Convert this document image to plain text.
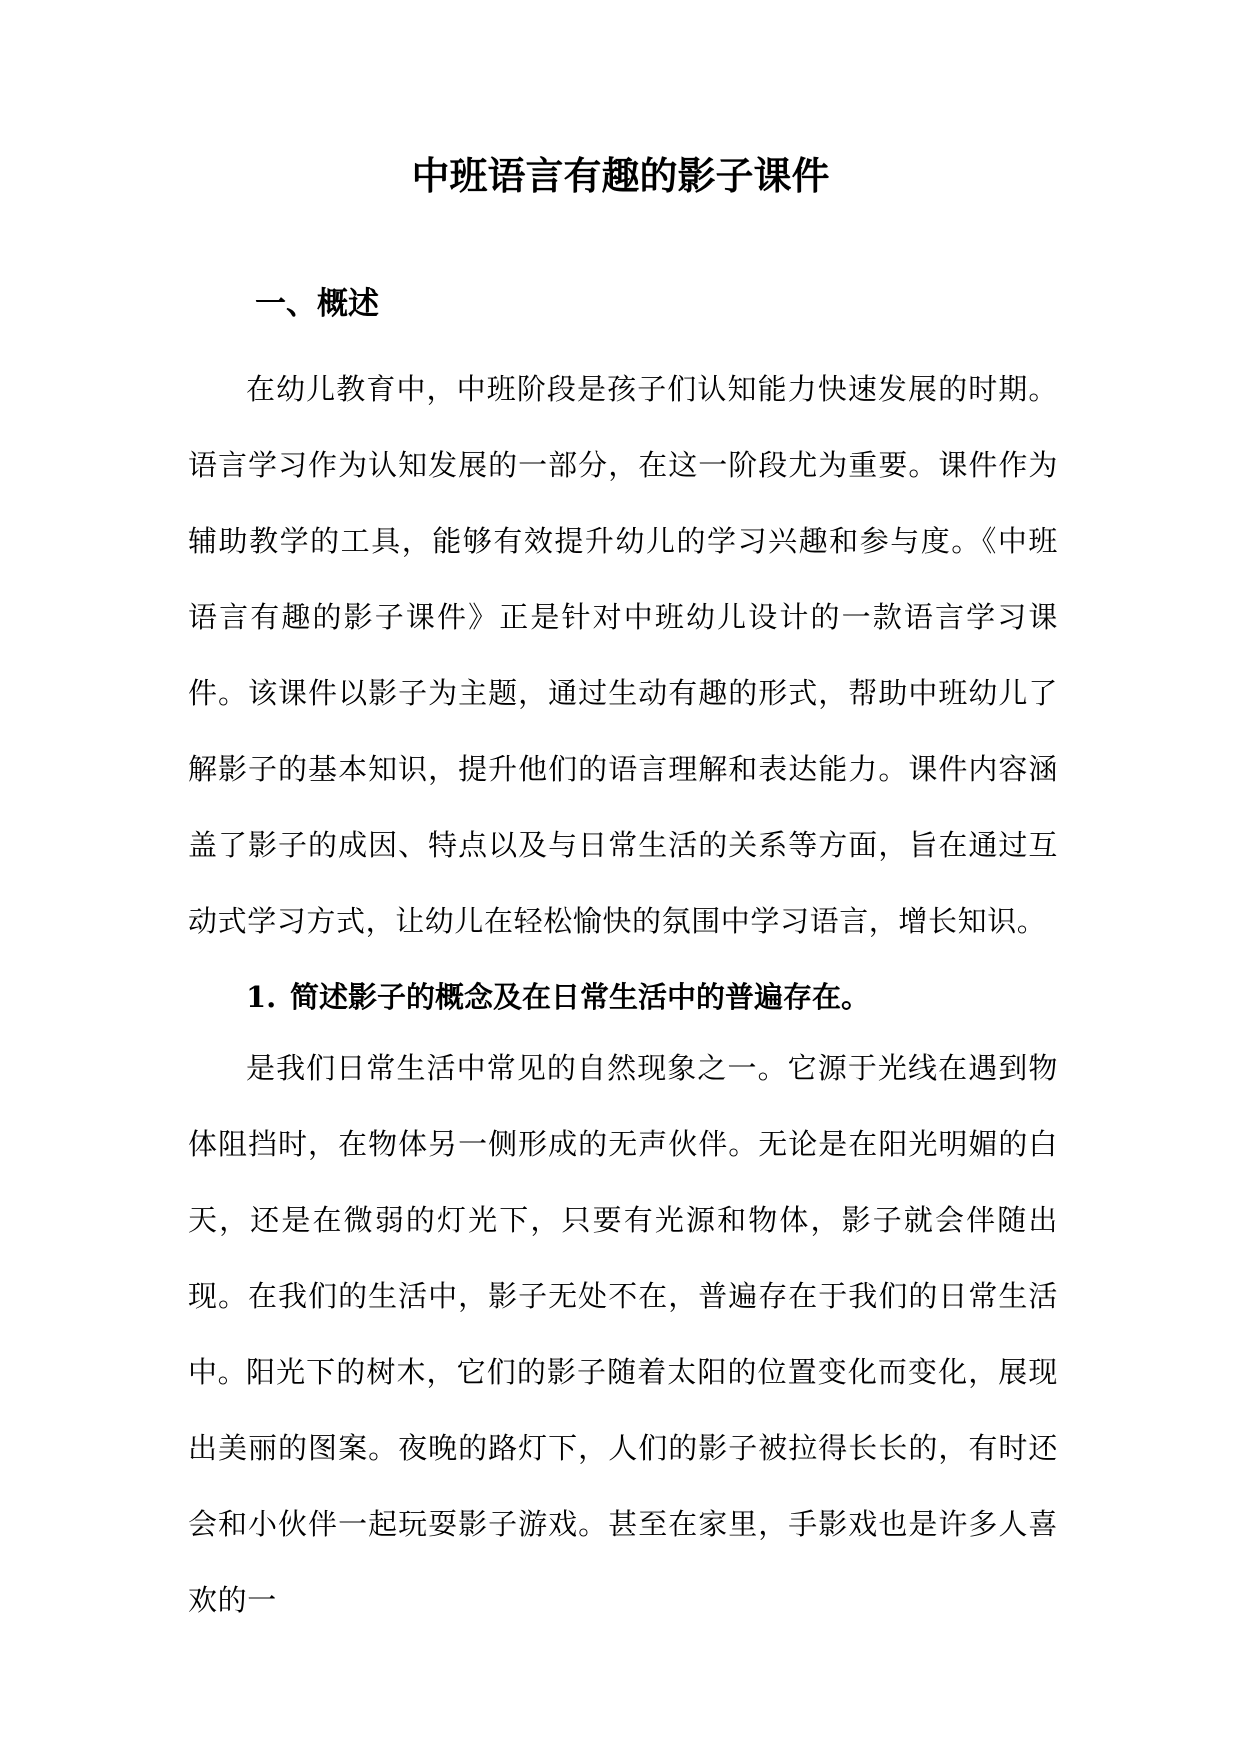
中班语言有趣的影子课件
一、概述

在幼儿教育中，中班阶段是孩子们认知能力快速发展的时期。语言学习作为认知发展的一部分，在这一阶段尤为重要。课件作为辅助教学的工具，能够有效提升幼儿的学习兴趣和参与度。《中班语言有趣的影子课件》正是针对中班幼儿设计的一款语言学习课件。该课件以影子为主题，通过生动有趣的形式，帮助中班幼儿了解影子的基本知识，提升他们的语言理解和表达能力。课件内容涵盖了影子的成因、特点以及与日常生活的关系等方面，旨在通过互动式学习方式，让幼儿在轻松愉快的氛围中学习语言，增长知识。

1. 简述影子的概念及在日常生活中的普遍存在。

是我们日常生活中常见的自然现象之一。它源于光线在遇到物体阻挡时，在物体另一侧形成的无声伙伴。无论是在阳光明媚的白天，还是在微弱的灯光下，只要有光源和物体，影子就会伴随出现。在我们的生活中，影子无处不在，普遍存在于我们的日常生活中。

阳光下的树木，它们的影子随着太阳的位置变化而变化，展现出美丽的图案。夜晚的路灯下，人们的影子被拉得长长的，有时还会和小伙伴一起玩耍影子游戏。甚至在家里，手影戏也是许多人喜欢的一
